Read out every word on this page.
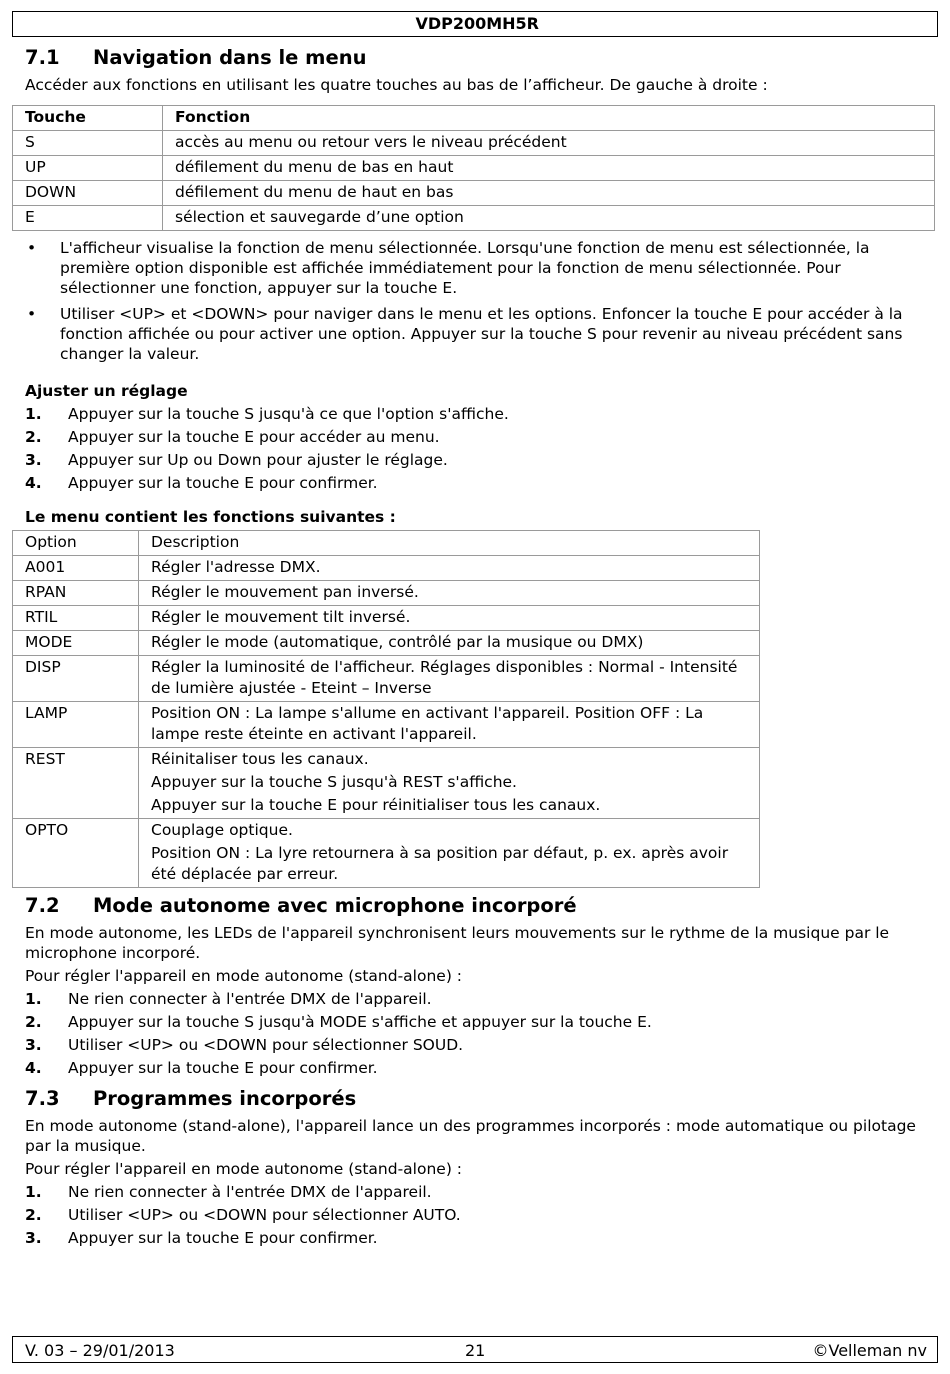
VDP200MH5R
7.1 Navigation dans le menu
Accéder aux fonctions en utilisant les quatre touches au bas de l’afficheur. De gauche à droite :
Touche	Fonction
S	accès au menu ou retour vers le niveau précédent
UP	défilement du menu de bas en haut
DOWN	défilement du menu de haut en bas
E	sélection et sauvegarde d’une option
• L'afficheur visualise la fonction de menu sélectionnée. Lorsqu'une fonction de menu est sélectionnée, la première option disponible est affichée immédiatement pour la fonction de menu sélectionnée. Pour sélectionner une fonction, appuyer sur la touche E.
• Utiliser <UP> et <DOWN> pour naviger dans le menu et les options. Enfoncer la touche E pour accéder à la fonction affichée ou pour activer une option. Appuyer sur la touche S pour revenir au niveau précédent sans changer la valeur.
Ajuster un réglage
1. Appuyer sur la touche S jusqu'à ce que l'option s'affiche.
2. Appuyer sur la touche E pour accéder au menu.
3. Appuyer sur Up ou Down pour ajuster le réglage.
4. Appuyer sur la touche E pour confirmer.
Le menu contient les fonctions suivantes :
Option	Description
A001	Régler l'adresse DMX.

RPAN	Régler le mouvement pan inversé.

RTIL	Régler le mouvement tilt inversé.

MODE	Régler le mode (automatique, contrôlé par la musique ou DMX)

DISP	Régler la luminosité de l'afficheur. Réglages disponibles : Normal - Intensité de lumière ajustée - Eteint – Inverse

LAMP	Position ON : La lampe s'allume en activant l'appareil. Position OFF : La lampe reste éteinte en activant l'appareil.

REST	Réinitaliser tous les canaux.
Appuyer sur la touche S jusqu'à REST s'affiche.
Appuyer sur la touche E pour réinitialiser tous les canaux.

OPTO	Couplage optique.
Position ON : La lyre retournera à sa position par défaut, p. ex. après avoir été déplacée par erreur.
7.2 Mode autonome avec microphone incorporé
En mode autonome, les LEDs de l'appareil synchronisent leurs mouvements sur le rythme de la musique par le microphone incorporé.
Pour régler l'appareil en mode autonome (stand-alone) :
1. Ne rien connecter à l'entrée DMX de l'appareil.
2. Appuyer sur la touche S jusqu'à MODE s'affiche et appuyer sur la touche E.
3. Utiliser <UP> ou <DOWN pour sélectionner SOUD.
4. Appuyer sur la touche E pour confirmer.
7.3 Programmes incorporés
En mode autonome (stand-alone), l'appareil lance un des programmes incorporés : mode automatique ou pilotage par la musique.
Pour régler l'appareil en mode autonome (stand-alone) :
1. Ne rien connecter à l'entrée DMX de l'appareil.
2. Utiliser <UP> ou <DOWN pour sélectionner AUTO.
3. Appuyer sur la touche E pour confirmer.
V. 03 – 29/01/2013	21	©Velleman nv
